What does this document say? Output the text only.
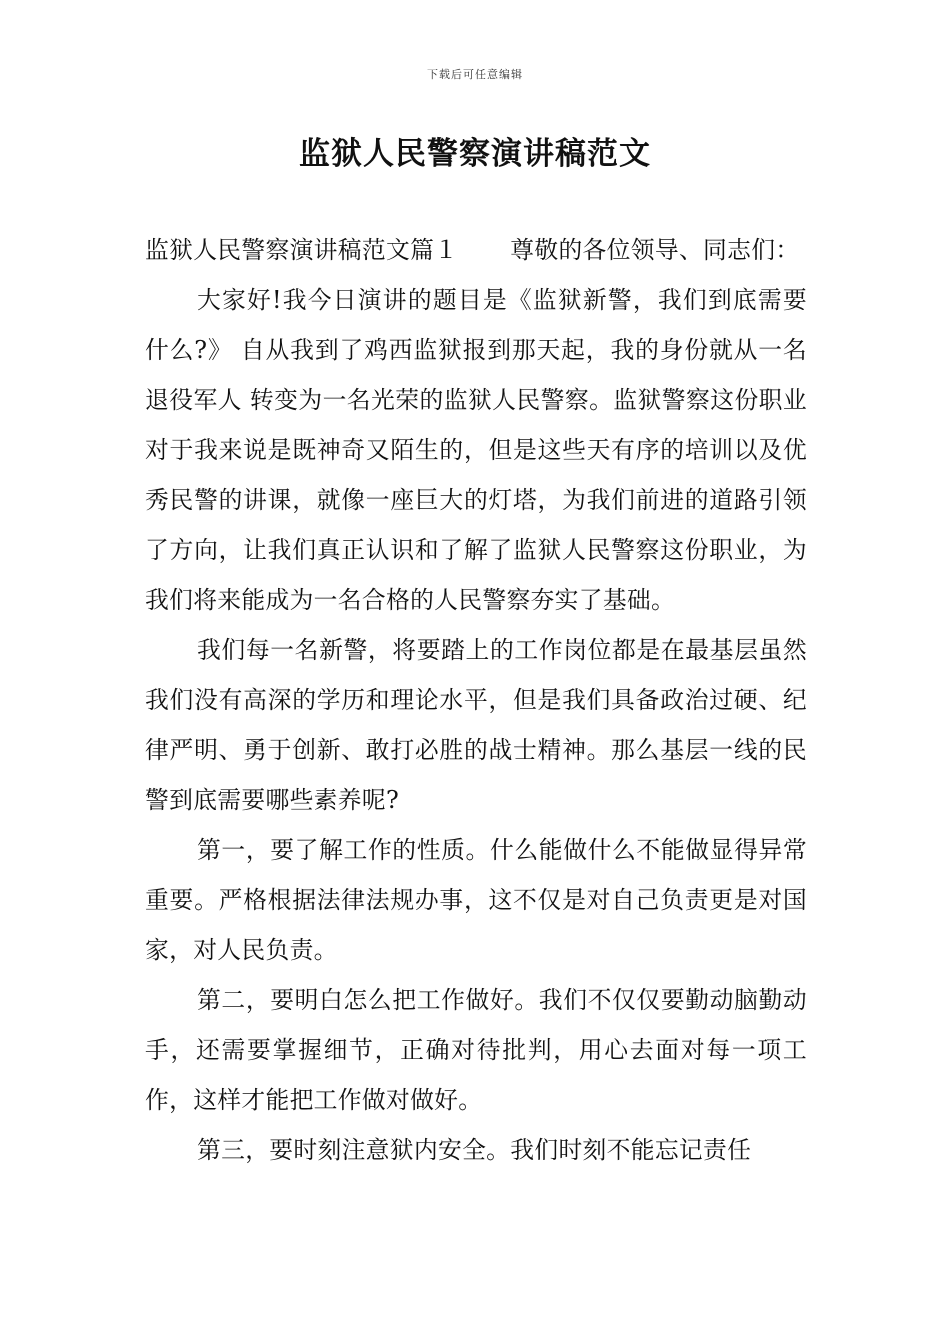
下载后可任意编辑
监狱人民警察演讲稿范文

监狱人民警察演讲稿范文篇１ 尊敬的各位领导、同志们：

大家好!我今日演讲的题目是《监狱新警，我们到底需要什么?》 自从我到了鸡西监狱报到那天起，我的身份就从一名退役军人 转变为一名光荣的监狱人民警察。监狱警察这份职业对于我来说是既神奇又陌生的，但是这些天有序的培训以及优秀民警的讲课，就像一座巨大的灯塔，为我们前进的道路引领了方向，让我们真正认识和了解了监狱人民警察这份职业，为我们将来能成为一名合格的人民警察夯实了基础。

我们每一名新警，将要踏上的工作岗位都是在最基层虽然我们没有高深的学历和理论水平，但是我们具备政治过硬、纪律严明、勇于创新、敢打必胜的战士精神。那么基层一线的民警到底需要哪些素养呢?

第一，要了解工作的性质。什么能做什么不能做显得异常重要。严格根据法律法规办事，这不仅是对自己负责更是对国家，对人民负责。

第二，要明白怎么把工作做好。我们不仅仅要勤动脑勤动手，还需要掌握细节，正确对待批判，用心去面对每一项工作，这样才能把工作做对做好。

第三，要时刻注意狱内安全。我们时刻不能忘记责任
